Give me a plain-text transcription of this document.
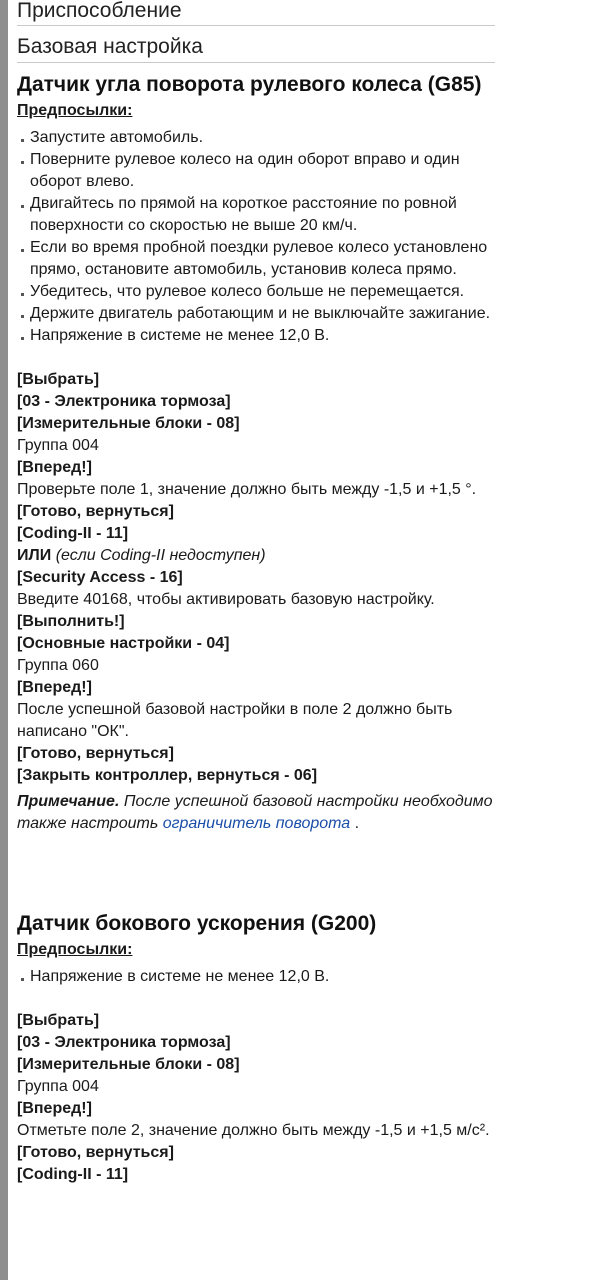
Приспособление
Базовая настройка
Датчик угла поворота рулевого колеса (G85)
Предпосылки:
Запустите автомобиль.
Поверните рулевое колесо на один оборот вправо и один оборот влево.
Двигайтесь по прямой на короткое расстояние по ровной поверхности со скоростью не выше 20 км/ч.
Если во время пробной поездки рулевое колесо установлено прямо, остановите автомобиль, установив колеса прямо.
Убедитесь, что рулевое колесо больше не перемещается.
Держите двигатель работающим и не выключайте зажигание.
Напряжение в системе не менее 12,0 В.
[Выбрать]
[03 - Электроника тормоза]
[Измерительные блоки - 08]
Группа 004
[Вперед!]
Проверьте поле 1, значение должно быть между -1,5 и +1,5 °.
[Готово, вернуться]
[Coding-II - 11]
ИЛИ (если Coding-II недоступен)
[Security Access - 16]
Введите 40168, чтобы активировать базовую настройку.
[Выполнить!]
[Основные настройки - 04]
Группа 060
[Вперед!]
После успешной базовой настройки в поле 2 должно быть написано "ОК".
[Готово, вернуться]
[Закрыть контроллер, вернуться - 06]
Примечание. После успешной базовой настройки необходимо также настроить ограничитель поворота .
Датчик бокового ускорения (G200)
Предпосылки:
Напряжение в системе не менее 12,0 В.
[Выбрать]
[03 - Электроника тормоза]
[Измерительные блоки - 08]
Группа 004
[Вперед!]
Отметьте поле 2, значение должно быть между -1,5 и +1,5 м/с².
[Готово, вернуться]
[Coding-II - 11]
